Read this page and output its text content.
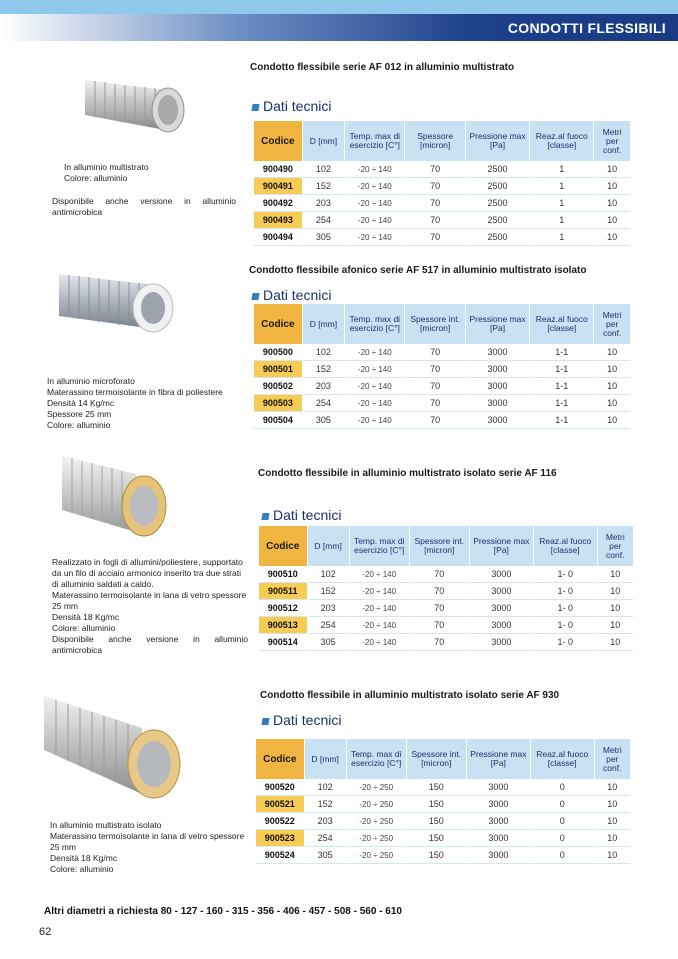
CONDOTTI FLESSIBILI
In alluminio multistrato
Colore: alluminio
Disponibile anche versione in alluminio
antimicrobica
Condotto flessibile serie AF 012 in alluminio multistrato
Dati tecnici
Codice	D [mm]	Temp. max di esercizio [C°]	Spessore [micron]	Pressione max [Pa]	Reaz.al fuoco [classe]	Metri per conf.
900490	102	-20 ÷ 140	70	2500	1	10
900491	152	-20 ÷ 140	70	2500	1	10
900492	203	-20 ÷ 140	70	2500	1	10
900493	254	-20 ÷ 140	70	2500	1	10
900494	305	-20 ÷ 140	70	2500	1	10
In alluminio microforato
Materassino termoisolante in fibra di poliestere
Densità 14 Kg/mc
Spessore 25 mm
Colore: alluminio
Condotto flessibile afonico serie AF 517 in alluminio multistrato isolato
Dati tecnici
Codice	D [mm]	Temp. max di esercizio [C°]	Spessore int. [micron]	Pressione max [Pa]	Reaz.al fuoco [classe]	Metri per conf.
900500	102	-20 ÷ 140	70	3000	1-1	10
900501	152	-20 ÷ 140	70	3000	1-1	10
900502	203	-20 ÷ 140	70	3000	1-1	10
900503	254	-20 ÷ 140	70	3000	1-1	10
900504	305	-20 ÷ 140	70	3000	1-1	10
Realizzato in fogli di allumini/poliestere, supportato
da un filo di acciaio armonico inserito tra due strati
di alluminio saldati a caldo.
Materassino termoisolante in lana di vetro spessore
25 mm
Densità 18 Kg/mc
Colore: alluminio
Disponibile anche versione in alluminio
antimicrobica
Condotto flessibile in alluminio multistrato isolato serie AF 116
Dati tecnici
Codice	D [mm]	Temp. max di esercizio [C°]	Spessore int. [micron]	Pressione max [Pa]	Reaz.al fuoco [classe]	Metri per conf.
900510	102	-20 ÷ 140	70	3000	1- 0	10
900511	152	-20 ÷ 140	70	3000	1- 0	10
900512	203	-20 ÷ 140	70	3000	1- 0	10
900513	254	-20 ÷ 140	70	3000	1- 0	10
900514	305	-20 ÷ 140	70	3000	1- 0	10
In alluminio multistrato isolato
Materassino termoisolante in lana di vetro spessore
25 mm
Densità 18 Kg/mc
Colore: alluminio
Condotto flessibile in alluminio multistrato isolato serie AF 930
Dati tecnici
Codice	D [mm]	Temp. max di esercizio [C°]	Spessore int. [micron]	Pressione max [Pa]	Reaz.al fuoco [classe]	Metri per conf.
900520	102	-20 ÷ 250	150	3000	0	10
900521	152	-20 ÷ 250	150	3000	0	10
900522	203	-20 ÷ 250	150	3000	0	10
900523	254	-20 ÷ 250	150	3000	0	10
900524	305	-20 ÷ 250	150	3000	0	10
Altri diametri a richiesta 80 - 127 - 160 - 315 - 356 - 406 - 457 - 508 - 560 - 610
62
